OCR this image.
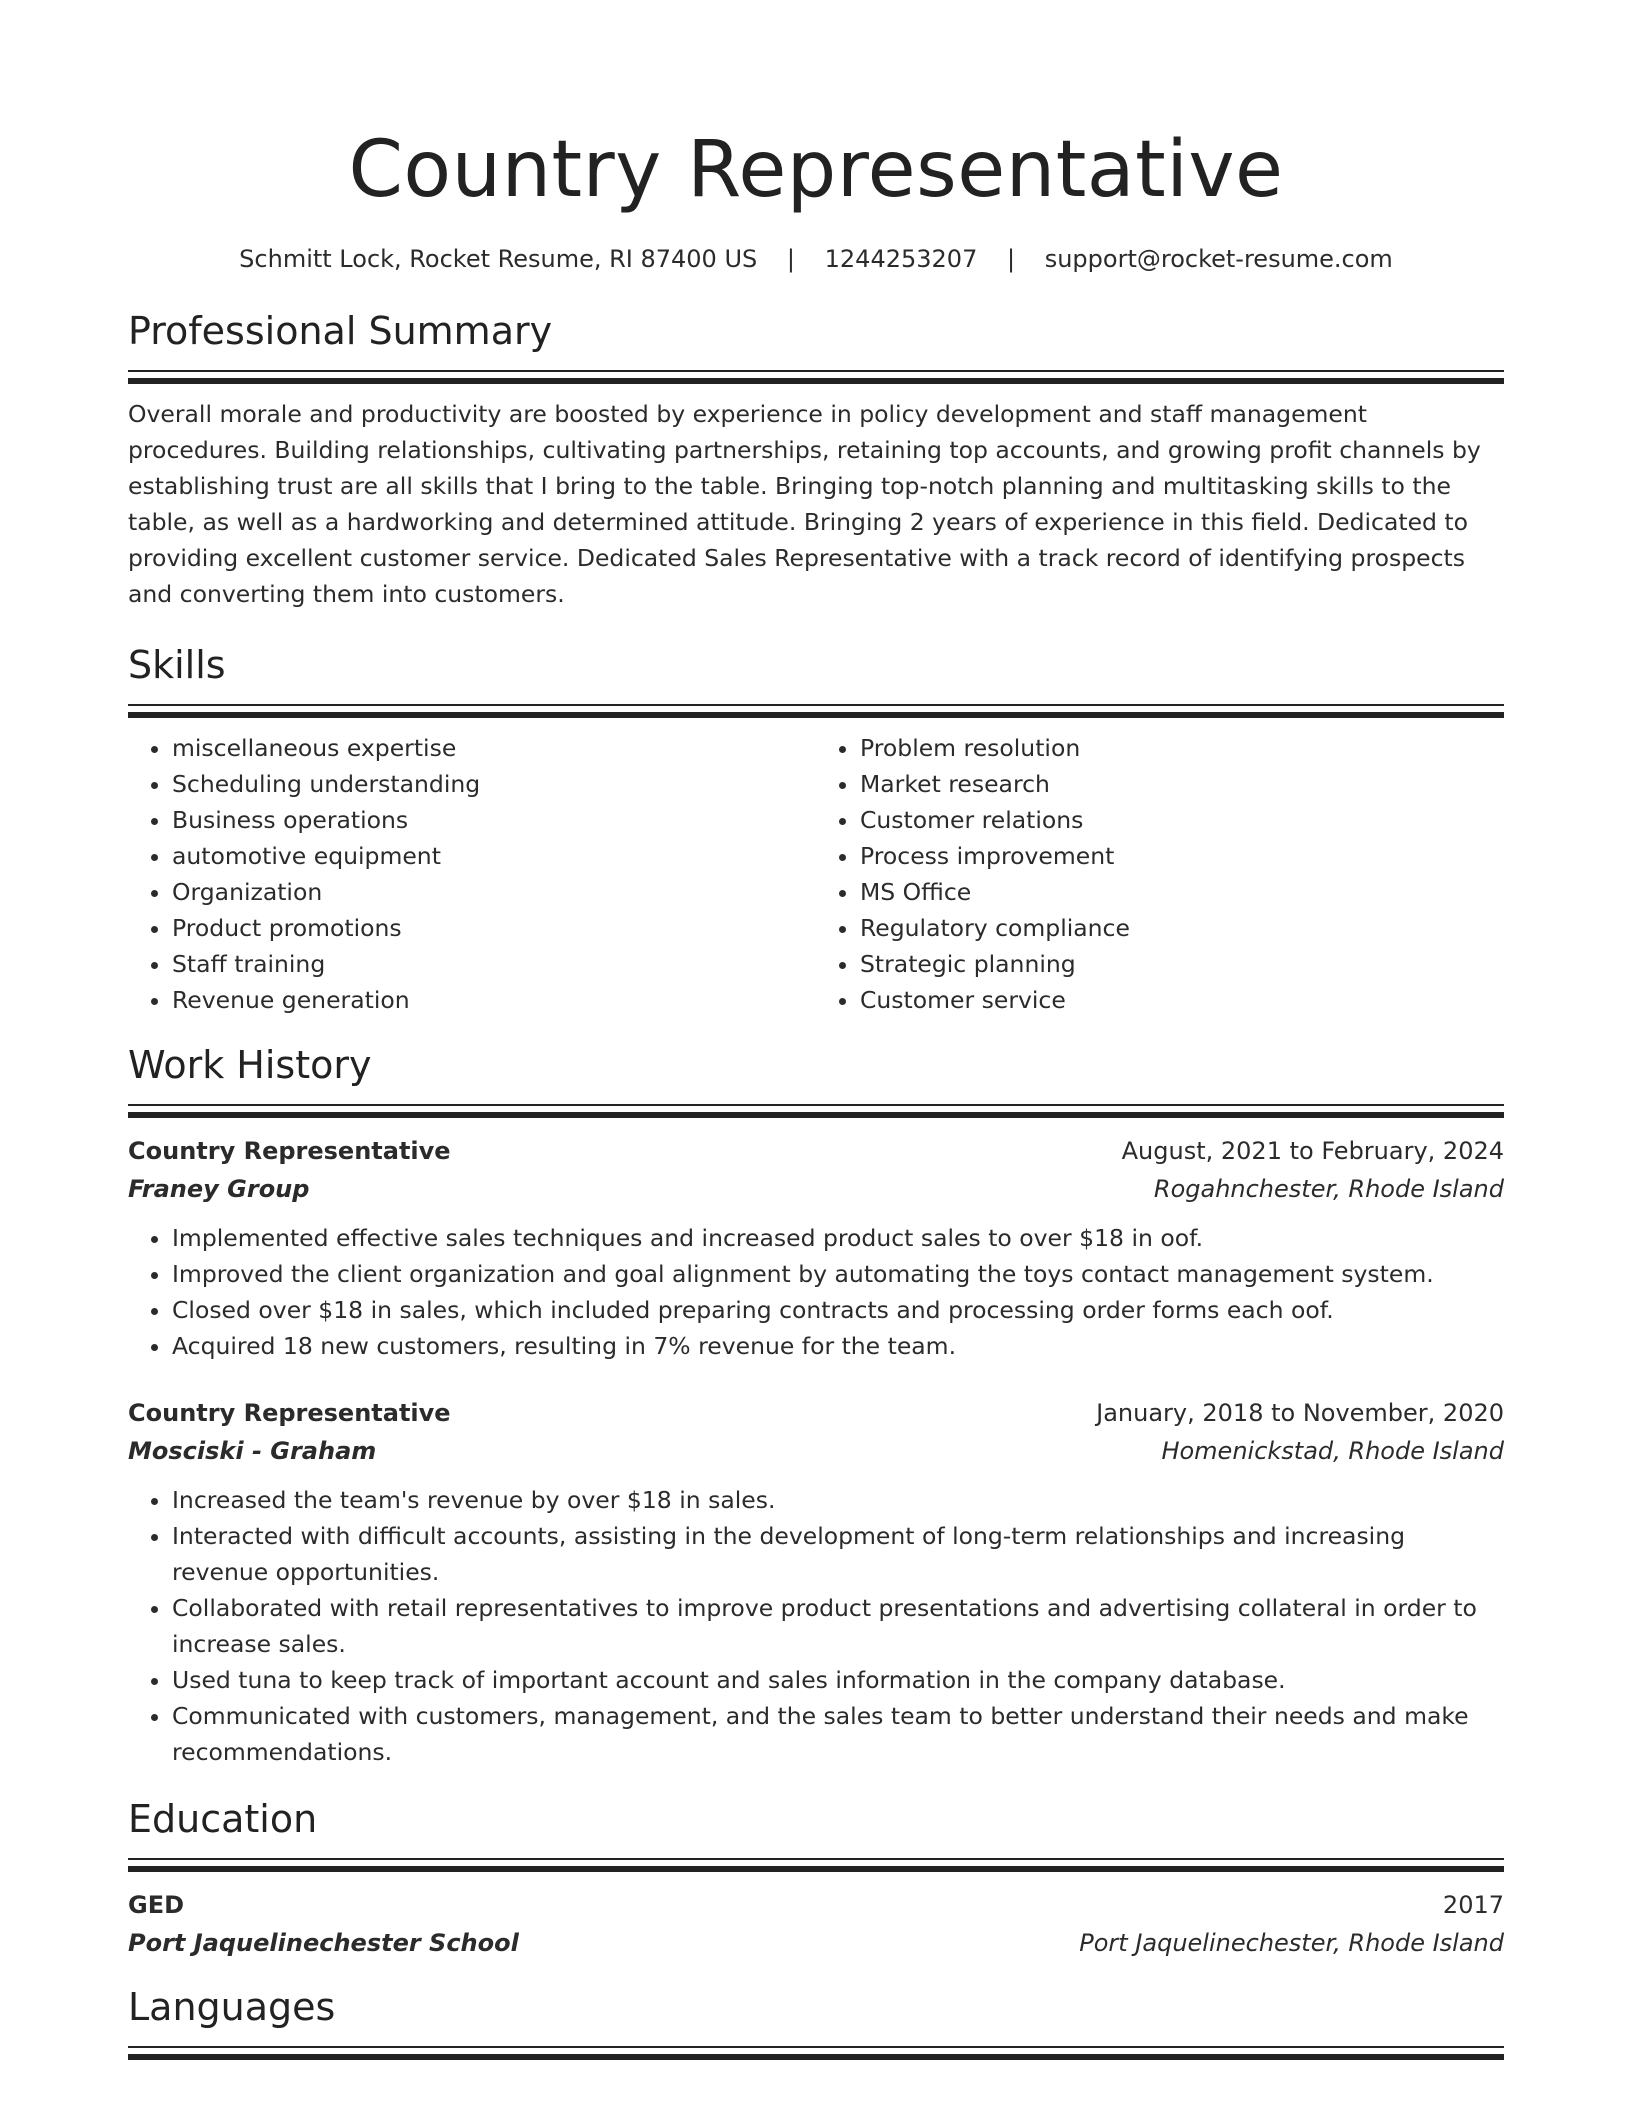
Country Representative
Schmitt Lock, Rocket Resume, RI 87400 US | 1244253207 | support@rocket-resume.com
Professional Summary

Overall morale and productivity are boosted by experience in policy development and staff management procedures. Building relationships, cultivating partnerships, retaining top accounts, and growing profit channels by establishing trust are all skills that I bring to the table. Bringing top-notch planning and multitasking skills to the table, as well as a hardworking and determined attitude. Bringing 2 years of experience in this field. Dedicated to providing excellent customer service. Dedicated Sales Representative with a track record of identifying prospects and converting them into customers.

Skills
• miscellaneous expertise
• Scheduling understanding
• Business operations
• automotive equipment
• Organization
• Product promotions
• Staff training
• Revenue generation
• Problem resolution
• Market research
• Customer relations
• Process improvement
• MS Office
• Regulatory compliance
• Strategic planning
• Customer service
Work History
Country Representative	August, 2021 to February, 2024
Franey Group	Rogahnchester, Rhode Island
• Implemented effective sales techniques and increased product sales to over $18 in oof.
• Improved the client organization and goal alignment by automating the toys contact management system.
• Closed over $18 in sales, which included preparing contracts and processing order forms each oof.
• Acquired 18 new customers, resulting in 7% revenue for the team.
Country Representative	January, 2018 to November, 2020
Mosciski - Graham	Homenickstad, Rhode Island
• Increased the team's revenue by over $18 in sales.
• Interacted with difficult accounts, assisting in the development of long-term relationships and increasing revenue opportunities.
• Collaborated with retail representatives to improve product presentations and advertising collateral in order to increase sales.
• Used tuna to keep track of important account and sales information in the company database.
• Communicated with customers, management, and the sales team to better understand their needs and make recommendations.
Education
GED	2017
Port Jaquelinechester School	Port Jaquelinechester, Rhode Island
Languages
